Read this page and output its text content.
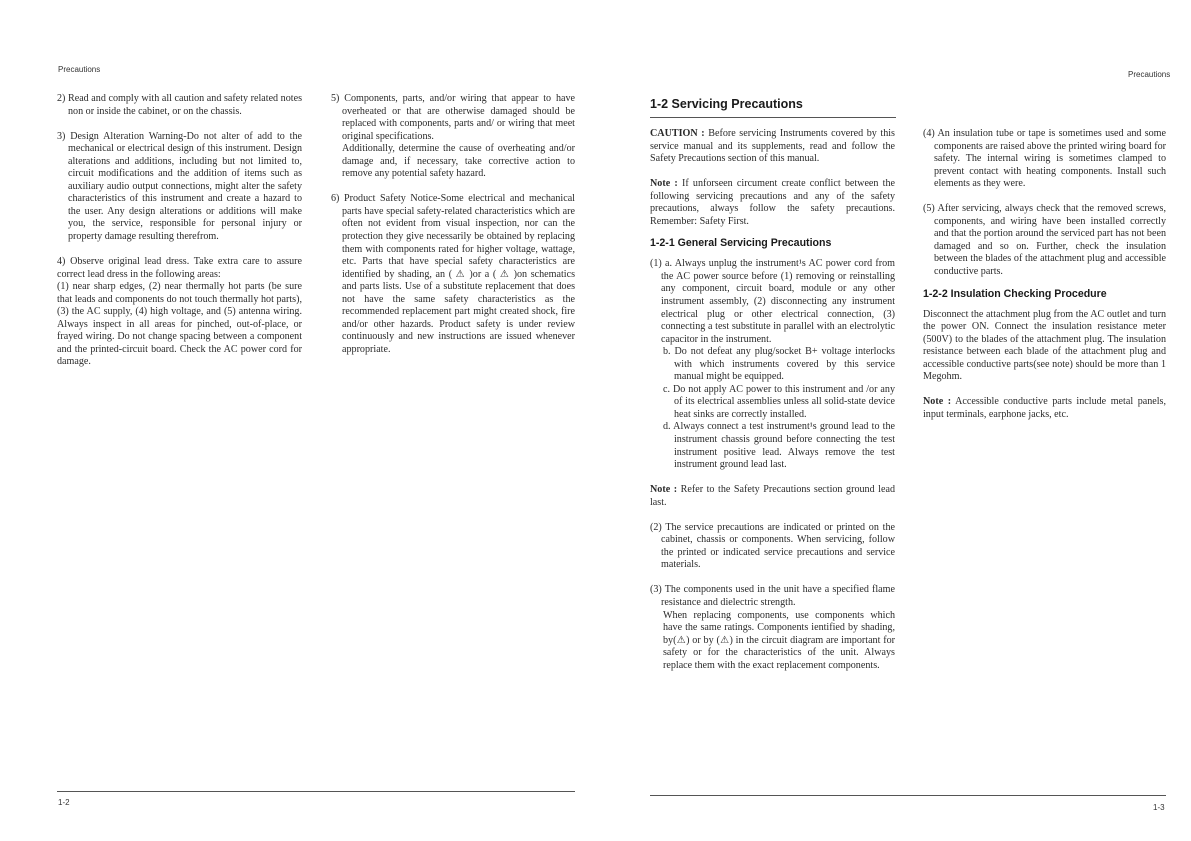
Precautions
Precautions

2) Read and comply with all caution and safety related notes non or inside the cabinet, or on the chassis.

3) Design Alteration Warning-Do not alter of add to the mechanical or electrical design of this instrument. Design alterations and additions, including but not limited to, circuit modifications and the addition of items such as auxiliary audio output connections, might alter the safety characteristics of this instrument and create a hazard to the user. Any design alterations or additions will make you, the service, responsible for personal injury or property damage resulting therefrom.

4) Observe original lead dress. Take extra care to assure correct lead dress in the following areas:

(1) near sharp edges, (2) near thermally hot parts (be sure that leads and components do not touch thermally hot parts), (3) the AC supply, (4) high voltage, and (5) antenna wiring. Always inspect in all areas for pinched, out-of-place, or frayed wiring. Do not change spacing between a component and the printed-circuit board. Check the AC power cord for damage.

5) Components, parts, and/or wiring that appear to have overheated or that are otherwise damaged should be replaced with components, parts and/ or wiring that meet original specifications.

Additionally, determine the cause of overheating and/or damage and, if necessary, take corrective action to remove any potential safety hazard.

6) Product Safety Notice-Some electrical and mechanical parts have special safety-related characteristics which are often not evident from visual inspection, nor can the protection they give necessarily be obtained by replacing them with components rated for higher voltage, wattage, etc. Parts that have special safety characteristics are identified by shading, an ( ⚠ )or a ( ⚠ )on schematics and parts lists. Use of a substitute replacement that does not have the same safety characteristics as the recommended replacement part might created shock, fire and/or other hazards. Product safety is under review continuously and new instructions are issued whenever appropriate.

1-2 Servicing Precautions

CAUTION : Before servicing Instruments covered by this service manual and its supplements, read and follow the Safety Precautions section of this manual.

Note : If unforseen circument create conflict between the following servicing precautions and any of the safety precautions, always follow the safety precautions. Remember: Safety First.

1-2-1 General Servicing Precautions

(1) a. Always unplug the instrument¹s AC power cord from the AC power source before (1) removing or reinstalling any component, circuit board, module or any other instrument assembly, (2) disconnecting any instrument electrical plug or other electrical connection, (3) connecting a test substitute in parallel with an electrolytic capacitor in the instrument.

b. Do not defeat any plug/socket B+ voltage interlocks with which instruments covered by this service manual might be equipped.

c. Do not apply AC power to this instrument and /or any of its electrical assemblies unless all solid-state device heat sinks are correctly installed.

d. Always connect a test instrument¹s ground lead to the instrument chassis ground before connecting the test instrument positive lead. Always remove the test instrument ground lead last.

Note : Refer to the Safety Precautions section ground lead last.

(2) The service precautions are indicated or printed on the cabinet, chassis or components. When servicing, follow the printed or indicated service precautions and service materials.

(3) The components used in the unit have a specified flame resistance and dielectric strength.

When replacing components, use components which have the same ratings. Components ientified by shading, by(⚠) or by (⚠) in the circuit diagram are important for safety or for the characteristics of the unit. Always replace them with the exact replacement components.

(4) An insulation tube or tape is sometimes used and some components are raised above the printed wiring board for safety. The internal wiring is sometimes clamped to prevent contact with heating components. Install such elements as they were.

(5) After servicing, always check that the removed screws, components, and wiring have been installed correctly and that the portion around the serviced part has not been damaged and so on. Further, check the insulation between the blades of the attachment plug and accessible conductive parts.

1-2-2 Insulation Checking Procedure

Disconnect the attachment plug from the AC outlet and turn the power ON. Connect the insulation resistance meter (500V) to the blades of the attachment plug. The insulation resistance between each blade of the attachment plug and accessible conductive parts(see note) should be more than 1 Megohm.

Note : Accessible conductive parts include metal panels, input terminals, earphone jacks, etc.

1-2
1-3
